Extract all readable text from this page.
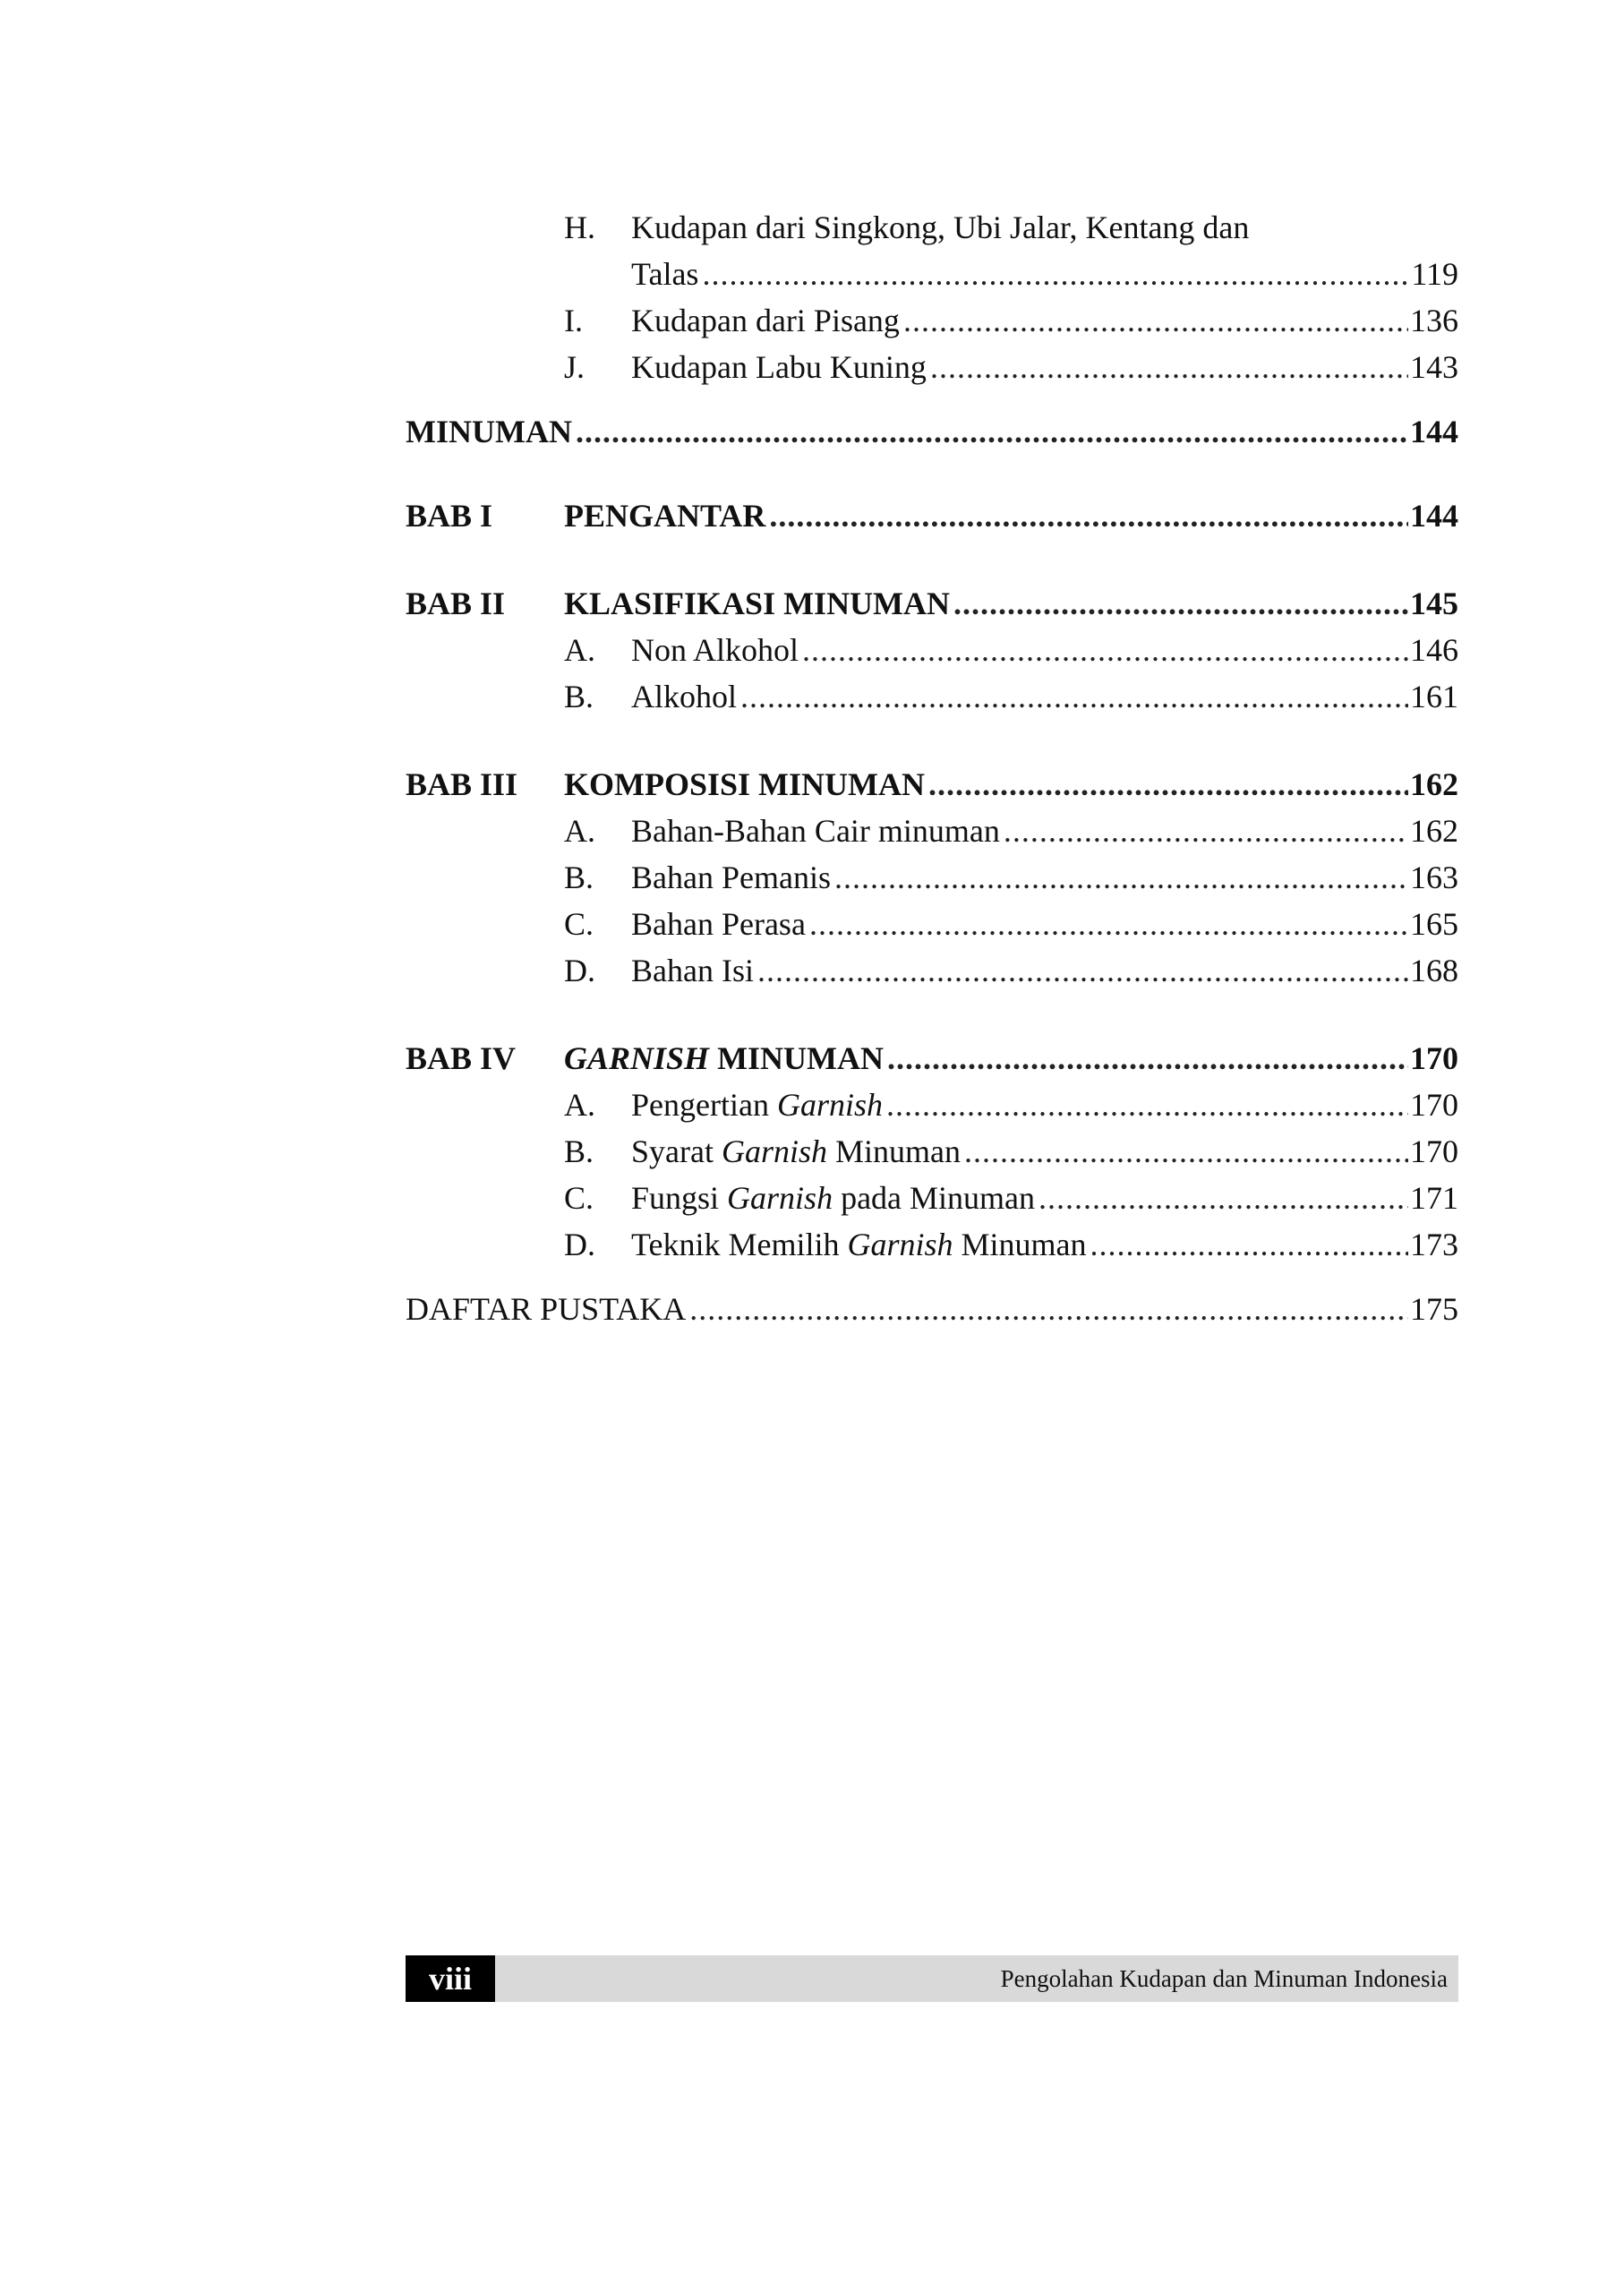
H. Kudapan dari Singkong, Ubi Jalar, Kentang dan
Talas .....	119
I. Kudapan dari Pisang .....	136
J. Kudapan Labu Kuning .....	143
MINUMAN .....	144
BAB I PENGANTAR .....	144
BAB II KLASIFIKASI MINUMAN .....	145
A. Non Alkohol .....	146
B. Alkohol .....	161
BAB III KOMPOSISI MINUMAN .....	162
A. Bahan-Bahan Cair minuman .....	162
B. Bahan Pemanis .....	163
C. Bahan Perasa .....	165
D. Bahan Isi .....	168
BAB IV GARNISH MINUMAN .....	170
A. Pengertian Garnish .....	170
B. Syarat Garnish Minuman .....	170
C. Fungsi Garnish pada Minuman .....	171
D. Teknik Memilih Garnish Minuman .....	173
DAFTAR PUSTAKA .....	175
viii	Pengolahan Kudapan dan Minuman Indonesia
